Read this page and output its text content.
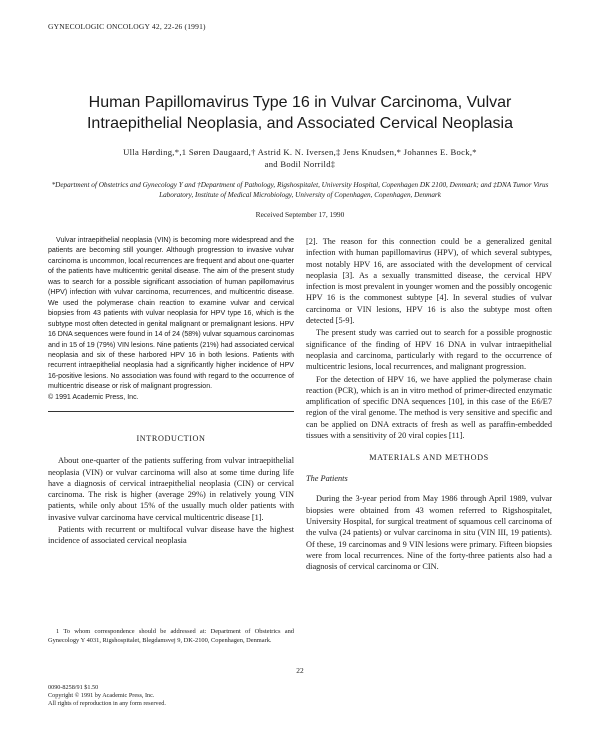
GYNECOLOGIC ONCOLOGY 42, 22-26 (1991)
Human Papillomavirus Type 16 in Vulvar Carcinoma, Vulvar Intraepithelial Neoplasia, and Associated Cervical Neoplasia
Ulla Hørding,*,1 Søren Daugaard,† Astrid K. N. Iversen,‡ Jens Knudsen,* Johannes E. Bock,*
and Bodil Norrild‡
*Department of Obstetrics and Gynecology Y and †Department of Pathology, Rigshospitalet, University Hospital, Copenhagen DK 2100, Denmark; and ‡DNA Tumor Virus Laboratory, Institute of Medical Microbiology, University of Copenhagen, Copenhagen, Denmark
Received September 17, 1990
Vulvar intraepithelial neoplasia (VIN) is becoming more widespread and the patients are becoming still younger. Although progression to invasive vulvar carcinoma is uncommon, local recurrences are frequent and about one-quarter of the patients have multicentric genital disease. The aim of the present study was to search for a possible significant association of human papillomavirus (HPV) infection with vulvar carcinoma, recurrences, and multicentric disease. We used the polymerase chain reaction to examine vulvar and cervical biopsies from 43 patients with vulvar neoplasia for HPV type 16, which is the subtype most often detected in genital malignant or premalignant lesions. HPV 16 DNA sequences were found in 14 of 24 (58%) vulvar squamous carcinomas and in 15 of 19 (79%) VIN lesions. Nine patients (21%) had associated cervical neoplasia and six of these harbored HPV 16 in both lesions. Patients with recurrent intraepithelial neoplasia had a significantly higher incidence of HPV 16-positive lesions. No association was found with regard to the occurrence of multicentric disease or risk of malignant progression.
© 1991 Academic Press, Inc.
INTRODUCTION

About one-quarter of the patients suffering from vulvar intraepithelial neoplasia (VIN) or vulvar carcinoma will also at some time during life have a diagnosis of cervical intraepithelial neoplasia (CIN) or cervical carcinoma. The risk is higher (average 29%) in relatively young VIN patients, while only about 15% of the usually much older patients with invasive vulvar carcinoma have cervical multicentric disease [1].

Patients with recurrent or multifocal vulvar disease have the highest incidence of associated cervical neoplasia

[2]. The reason for this connection could be a generalized genital infection with human papillomavirus (HPV), of which several subtypes, most notably HPV 16, are associated with the development of cervical neoplasia [3]. As a sexually transmitted disease, the cervical HPV infection is most prevalent in younger women and the possibly oncogenic HPV 16 is the commonest subtype [4]. In several studies of vulvar carcinoma or VIN lesions, HPV 16 is also the subtype most often detected [5-9].

The present study was carried out to search for a possible prognostic significance of the finding of HPV 16 DNA in vulvar intraepithelial neoplasia and carcinoma, particularly with regard to the occurrence of multicentric lesions, local recurrences, and malignant progression.

For the detection of HPV 16, we have applied the polymerase chain reaction (PCR), which is an in vitro method of primer-directed enzymatic amplification of specific DNA sequences [10], in this case of the E6/E7 region of the viral genome. The method is very sensitive and specific and can be applied on DNA extracts of fresh as well as paraffin-embedded tissues with a sensitivity of 20 viral copies [11].

MATERIALS AND METHODS
The Patients

During the 3-year period from May 1986 through April 1989, vulvar biopsies were obtained from 43 women referred to Rigshospitalet, University Hospital, for surgical treatment of squamous cell carcinoma of the vulva (24 patients) or vulvar carcinoma in situ (VIN III, 19 patients). Of these, 19 carcinomas and 9 VIN lesions were primary. Fifteen biopsies were from local recurrences. Nine of the forty-three patients also had a diagnosis of cervical carcinoma or CIN.

1 To whom correspondence should be addressed at: Department of Obstetrics and Gynecology Y 4031, Rigshospitalet, Blegdamsvej 9, DK-2100, Copenhagen, Denmark.
22
0090-8258/91 $1.50
Copyright © 1991 by Academic Press, Inc.
All rights of reproduction in any form reserved.
